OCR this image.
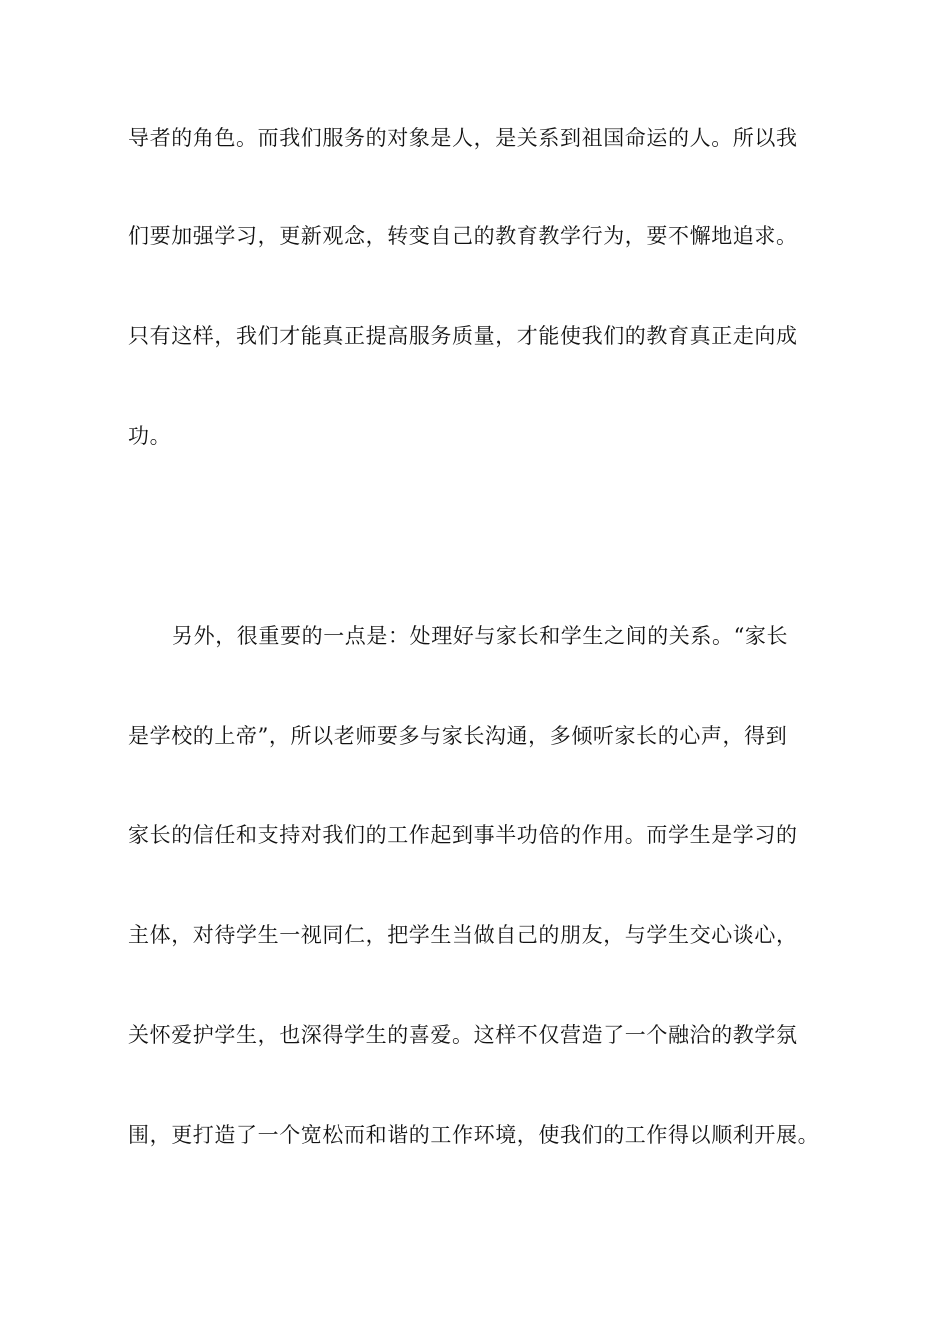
导者的角色。而我们服务的对象是人，是关系到祖国命运的人。所以我
们要加强学习，更新观念，转变自己的教育教学行为，要不懈地追求。
只有这样，我们才能真正提高服务质量，才能使我们的教育真正走向成
功。
另外，很重要的一点是：处理好与家长和学生之间的关系。“家长
是学校的上帝”，所以老师要多与家长沟通，多倾听家长的心声，得到
家长的信任和支持对我们的工作起到事半功倍的作用。而学生是学习的
主体，对待学生一视同仁，把学生当做自己的朋友，与学生交心谈心，
关怀爱护学生，也深得学生的喜爱。这样不仅营造了一个融洽的教学氛
围，更打造了一个宽松而和谐的工作环境，使我们的工作得以顺利开展。
